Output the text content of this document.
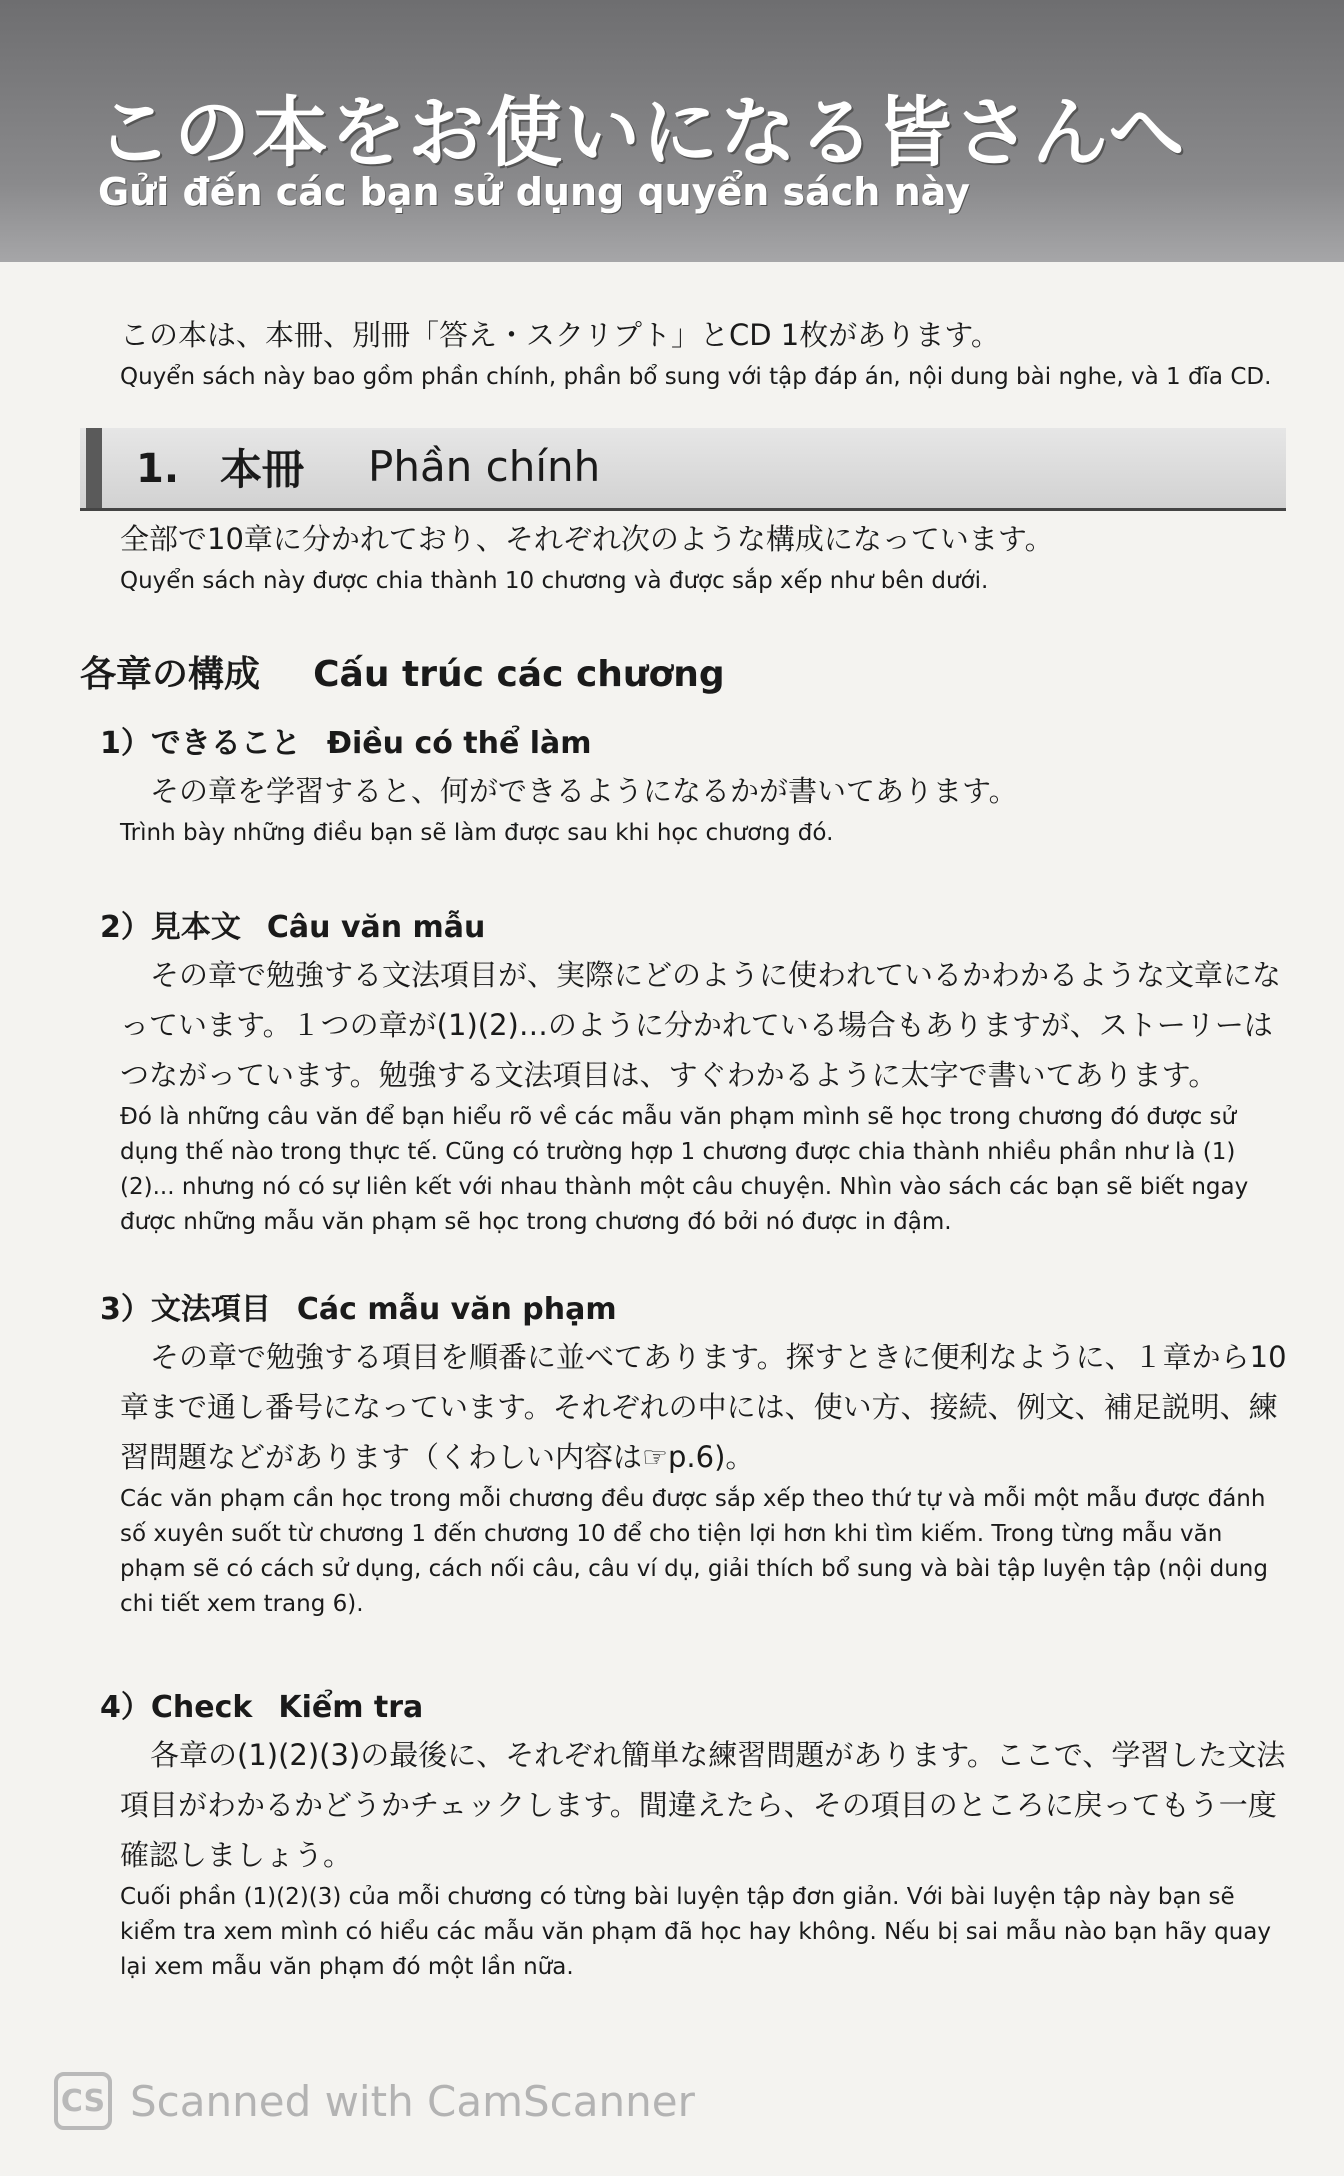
この本をお使いになる皆さんへ
Gửi đến các bạn sử dụng quyển sách này
この本は、本冊、別冊「答え・スクリプト」とCD 1枚があります。
Quyển sách này bao gồm phần chính, phần bổ sung với tập đáp án, nội dung bài nghe, và 1 đĩa CD.
1. 本冊 Phần chính
全部で10章に分かれており、それぞれ次のような構成になっています。
Quyển sách này được chia thành 10 chương và được sắp xếp như bên dưới.
各章の構成 Cấu trúc các chương
1）できること Điều có thể làm
その章を学習すると、何ができるようになるかが書いてあります。
Trình bày những điều bạn sẽ làm được sau khi học chương đó.
2）見本文 Câu văn mẫu
その章で勉強する文法項目が、実際にどのように使われているかわかるような文章になっています。１つの章が(1)(2)…のように分かれている場合もありますが、ストーリーはつながっています。勉強する文法項目は、すぐわかるように太字で書いてあります。
Đó là những câu văn để bạn hiểu rõ về các mẫu văn phạm mình sẽ học trong chương đó được sử dụng thế nào trong thực tế. Cũng có trường hợp 1 chương được chia thành nhiều phần như là (1) (2)... nhưng nó có sự liên kết với nhau thành một câu chuyện. Nhìn vào sách các bạn sẽ biết ngay được những mẫu văn phạm sẽ học trong chương đó bởi nó được in đậm.
3）文法項目 Các mẫu văn phạm
その章で勉強する項目を順番に並べてあります。探すときに便利なように、１章から10章まで通し番号になっています。それぞれの中には、使い方、接続、例文、補足説明、練習問題などがあります（くわしい内容は☞p.6)。
Các văn phạm cần học trong mỗi chương đều được sắp xếp theo thứ tự và mỗi một mẫu được đánh số xuyên suốt từ chương 1 đến chương 10 để cho tiện lợi hơn khi tìm kiếm. Trong từng mẫu văn phạm sẽ có cách sử dụng, cách nối câu, câu ví dụ, giải thích bổ sung và bài tập luyện tập (nội dung chi tiết xem trang 6).
4）Check Kiểm tra
各章の(1)(2)(3)の最後に、それぞれ簡単な練習問題があります。ここで、学習した文法項目がわかるかどうかチェックします。間違えたら、その項目のところに戻ってもう一度確認しましょう。
Cuối phần (1)(2)(3) của mỗi chương có từng bài luyện tập đơn giản. Với bài luyện tập này bạn sẽ kiểm tra xem mình có hiểu các mẫu văn phạm đã học hay không. Nếu bị sai mẫu nào bạn hãy quay lại xem mẫu văn phạm đó một lần nữa.
CS Scanned with CamScanner
